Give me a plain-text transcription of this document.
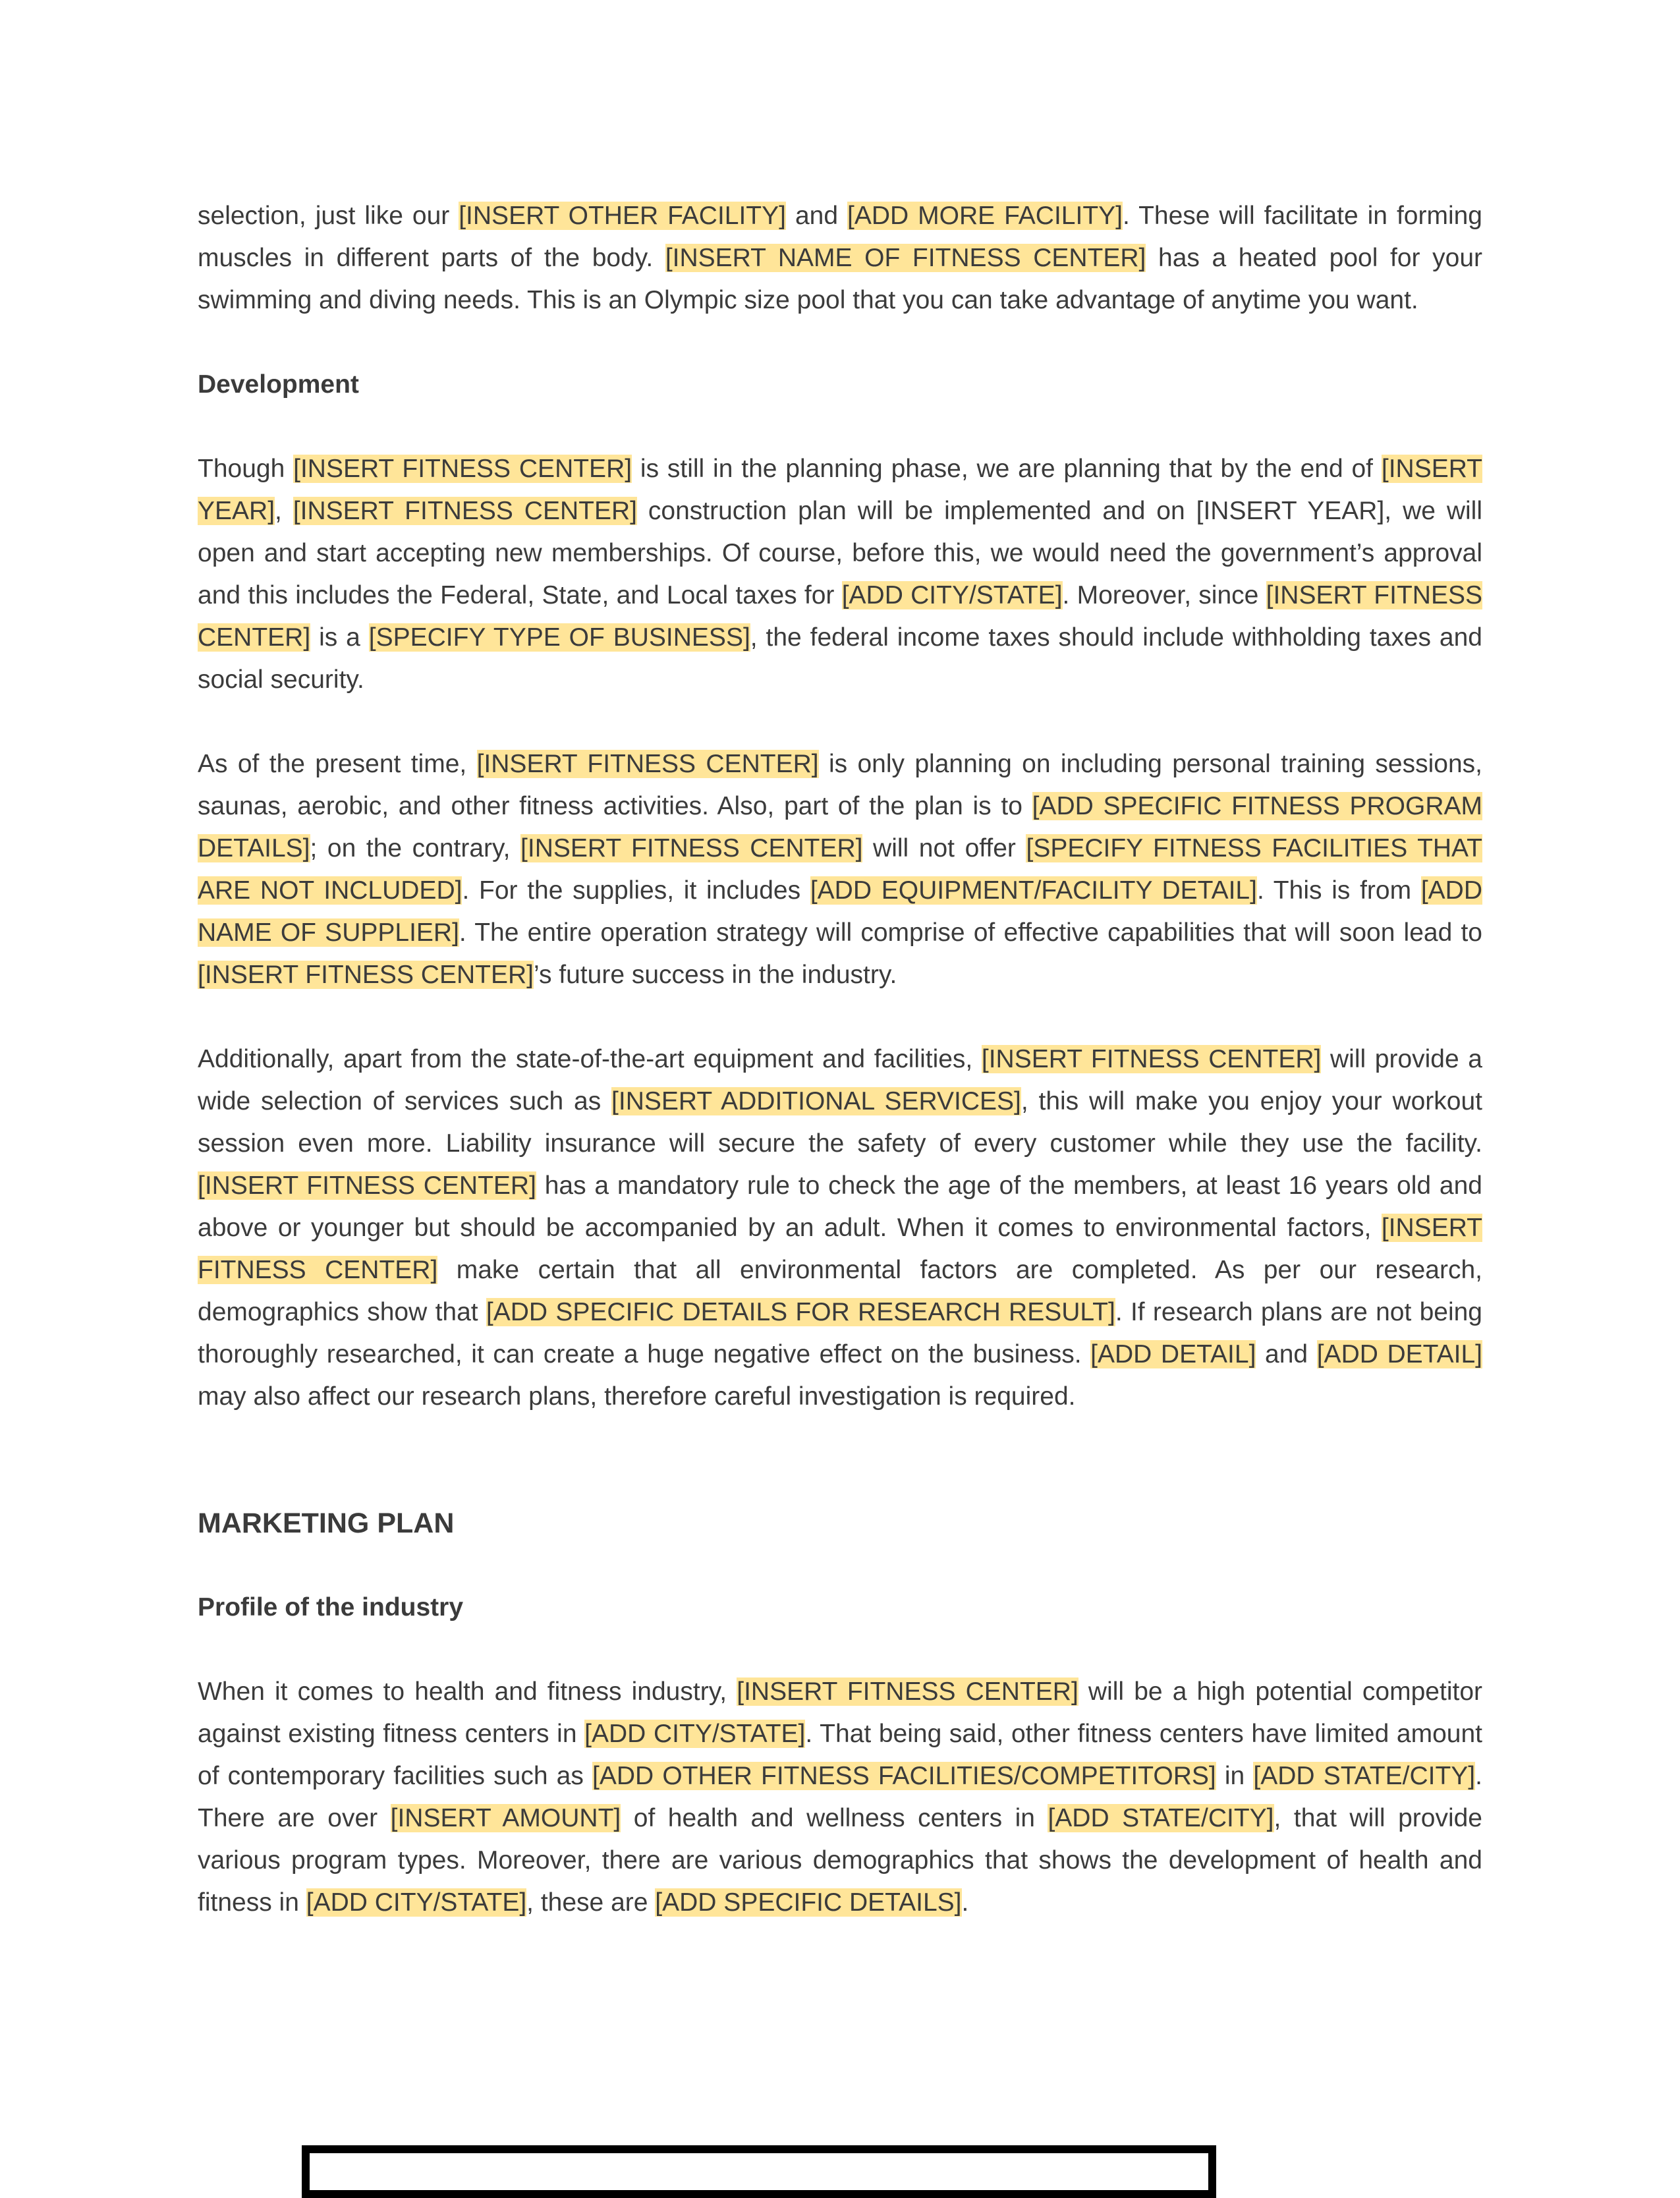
selection, just like our [INSERT OTHER FACILITY] and [ADD MORE FACILITY]. These will facilitate in forming muscles in different parts of the body. [INSERT NAME OF FITNESS CENTER] has a heated pool for your swimming and diving needs. This is an Olympic size pool that you can take advantage of anytime you want.

Development

Though [INSERT FITNESS CENTER] is still in the planning phase, we are planning that by the end of [INSERT YEAR], [INSERT FITNESS CENTER] construction plan will be implemented and on [INSERT YEAR], we will open and start accepting new memberships. Of course, before this, we would need the government’s approval and this includes the Federal, State, and Local taxes for [ADD CITY/STATE]. Moreover, since [INSERT FITNESS CENTER] is a [SPECIFY TYPE OF BUSINESS], the federal income taxes should include withholding taxes and social security.

As of the present time, [INSERT FITNESS CENTER] is only planning on including personal training sessions, saunas, aerobic, and other fitness activities. Also, part of the plan is to [ADD SPECIFIC FITNESS PROGRAM DETAILS]; on the contrary, [INSERT FITNESS CENTER] will not offer [SPECIFY FITNESS FACILITIES THAT ARE NOT INCLUDED]. For the supplies, it includes [ADD EQUIPMENT/FACILITY DETAIL]. This is from [ADD NAME OF SUPPLIER]. The entire operation strategy will comprise of effective capabilities that will soon lead to [INSERT FITNESS CENTER]’s future success in the industry.

Additionally, apart from the state-of-the-art equipment and facilities, [INSERT FITNESS CENTER] will provide a wide selection of services such as [INSERT ADDITIONAL SERVICES], this will make you enjoy your workout session even more. Liability insurance will secure the safety of every customer while they use the facility. [INSERT FITNESS CENTER] has a mandatory rule to check the age of the members, at least 16 years old and above or younger but should be accompanied by an adult. When it comes to environmental factors, [INSERT FITNESS CENTER] make certain that all environmental factors are completed. As per our research, demographics show that [ADD SPECIFIC DETAILS FOR RESEARCH RESULT]. If research plans are not being thoroughly researched, it can create a huge negative effect on the business. [ADD DETAIL] and [ADD DETAIL] may also affect our research plans, therefore careful investigation is required.

MARKETING PLAN

Profile of the industry

When it comes to health and fitness industry, [INSERT FITNESS CENTER] will be a high potential competitor against existing fitness centers in [ADD CITY/STATE]. That being said, other fitness centers have limited amount of contemporary facilities such as [ADD OTHER FITNESS FACILITIES/COMPETITORS] in [ADD STATE/CITY]. There are over [INSERT AMOUNT] of health and wellness centers in [ADD STATE/CITY], that will provide various program types. Moreover, there are various demographics that shows the development of health and fitness in [ADD CITY/STATE], these are [ADD SPECIFIC DETAILS].
